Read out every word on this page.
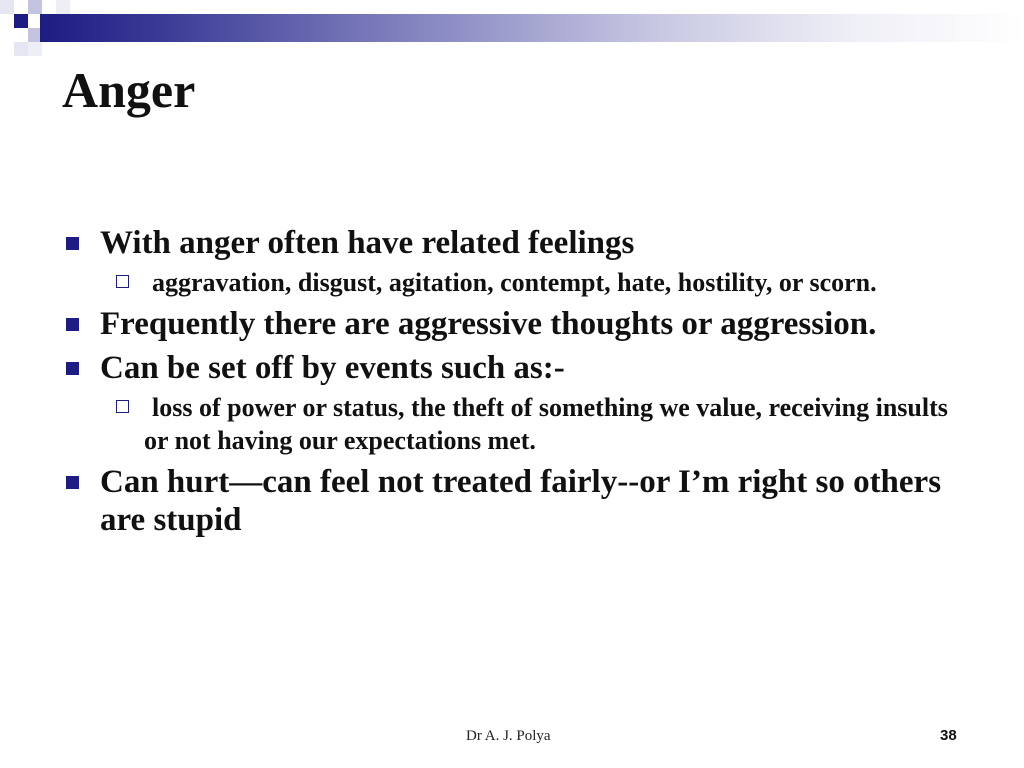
Anger
With anger often have related feelings
aggravation, disgust, agitation, contempt, hate, hostility, or scorn.
Frequently there are aggressive thoughts or aggression.
Can be set off by events such as:-
loss of power or status, the theft of something we value, receiving insults or not having our expectations met.
Can hurt—can feel not treated fairly--or I’m right so others are stupid
Dr A. J. Polya	38
